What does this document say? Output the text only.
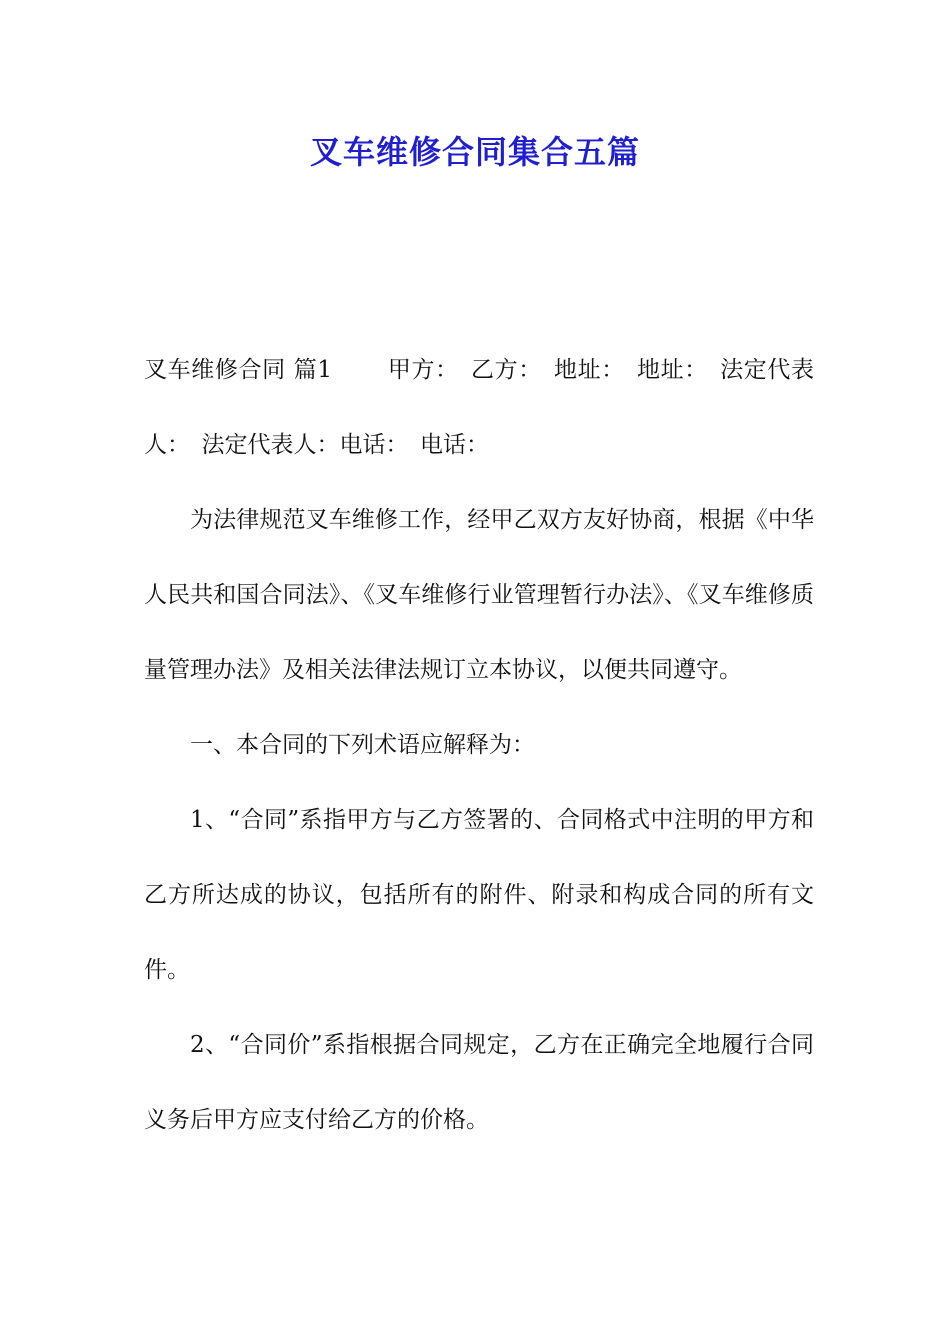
叉车维修合同集合五篇

叉车维修合同 篇1　　 甲方：　乙方：　地址：　地址：　法定代表人：　法定代表人：电话：　电话：

为法律规范叉车维修工作，经甲乙双方友好协商，根据《中华人民共和国合同法》、《叉车维修行业管理暂行办法》、《叉车维修质量管理办法》及相关法律法规订立本协议，以便共同遵守。

一、本合同的下列术语应解释为：

1、“合同”系指甲方与乙方签署的、合同格式中注明的甲方和乙方所达成的协议，包括所有的附件、附录和构成合同的所有文件。

2、“合同价”系指根据合同规定，乙方在正确完全地履行合同义务后甲方应支付给乙方的价格。
